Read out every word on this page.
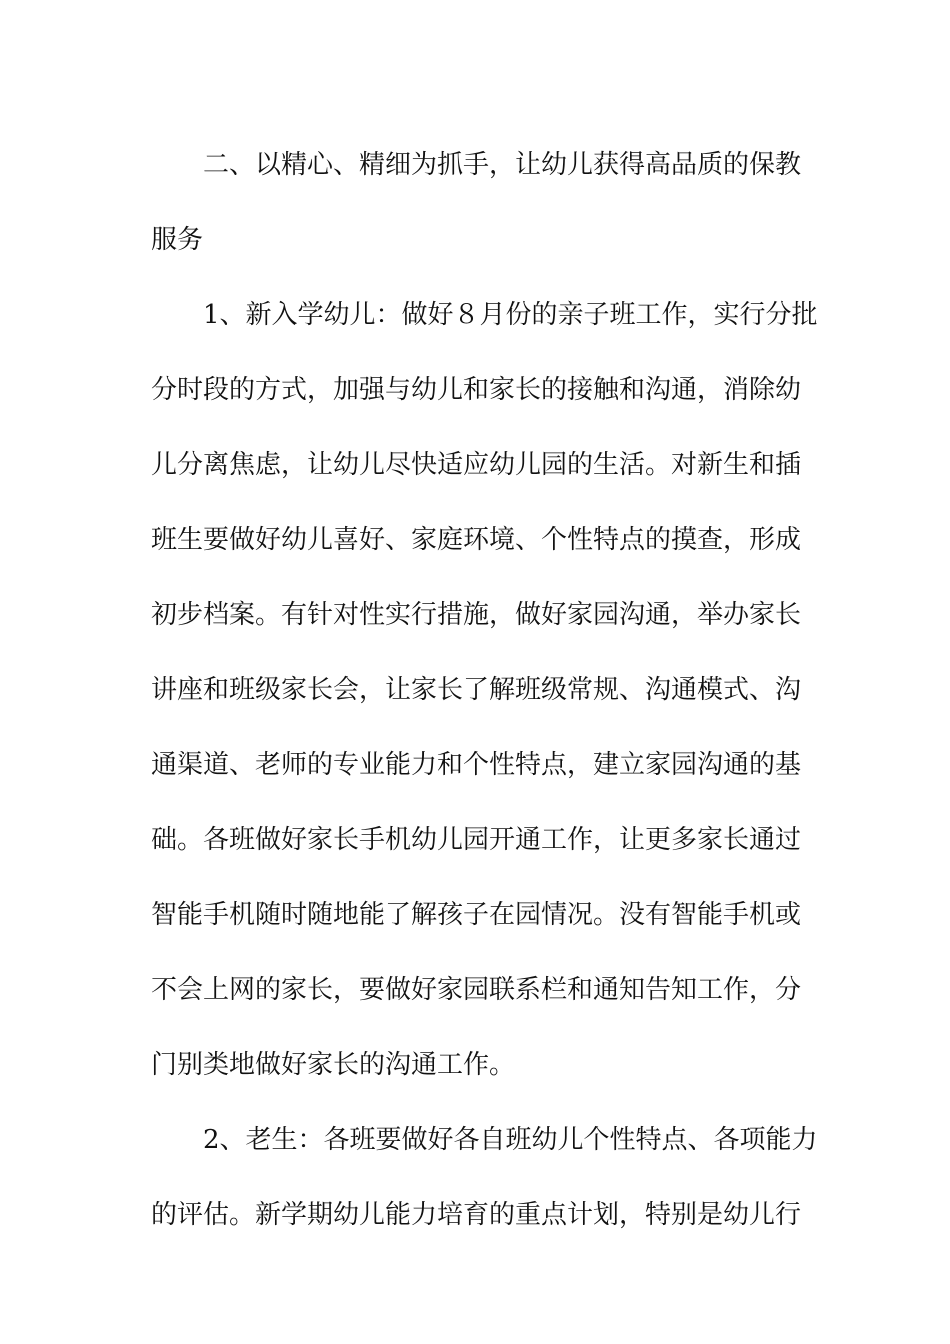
二、以精心、精细为抓手，让幼儿获得高品质的保教
服务
1、新入学幼儿：做好８月份的亲子班工作，实行分批
分时段的方式，加强与幼儿和家长的接触和沟通，消除幼
儿分离焦虑，让幼儿尽快适应幼儿园的生活。对新生和插
班生要做好幼儿喜好、家庭环境、个性特点的摸查，形成
初步档案。有针对性实行措施，做好家园沟通，举办家长
讲座和班级家长会，让家长了解班级常规、沟通模式、沟
通渠道、老师的专业能力和个性特点，建立家园沟通的基
础。各班做好家长手机幼儿园开通工作，让更多家长通过
智能手机随时随地能了解孩子在园情况。没有智能手机或
不会上网的家长，要做好家园联系栏和通知告知工作，分
门别类地做好家长的沟通工作。
2、老生：各班要做好各自班幼儿个性特点、各项能力
的评估。新学期幼儿能力培育的重点计划，特别是幼儿行
